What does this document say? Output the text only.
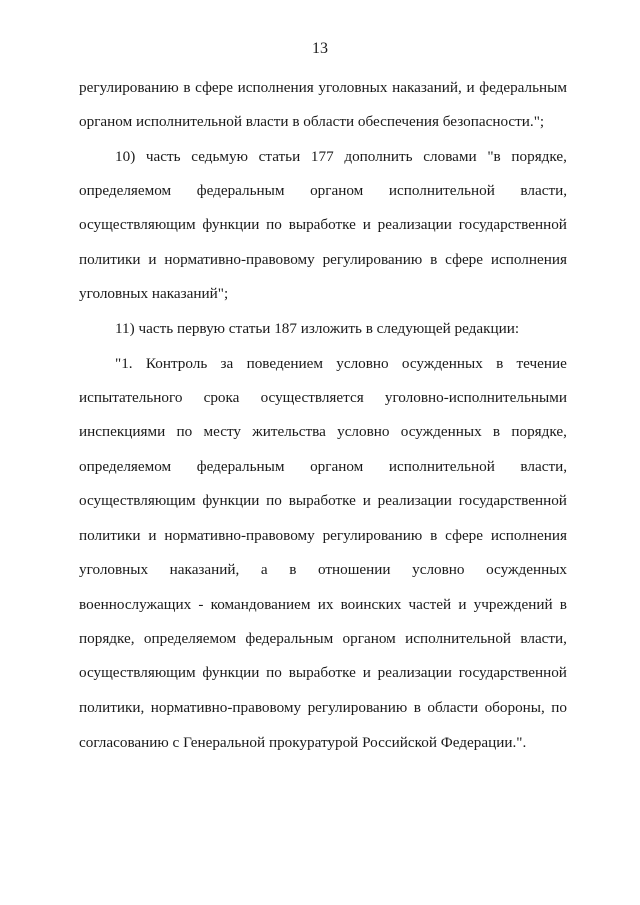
13
регулированию в сфере исполнения уголовных наказаний, и федеральным
органом исполнительной власти в области обеспечения безопасности.";
10) часть седьмую статьи 177 дополнить словами "в порядке,
определяемом федеральным органом исполнительной власти,
осуществляющим функции по выработке и реализации государственной
политики и нормативно-правовому регулированию в сфере исполнения
уголовных наказаний";
11) часть первую статьи 187 изложить в следующей редакции:
"1. Контроль за поведением условно осужденных в течение
испытательного срока осуществляется уголовно-исполнительными
инспекциями по месту жительства условно осужденных в порядке,
определяемом федеральным органом исполнительной власти,
осуществляющим функции по выработке и реализации государственной
политики и нормативно-правовому регулированию в сфере исполнения
уголовных наказаний, а в отношении условно осужденных
военнослужащих - командованием их воинских частей и учреждений в
порядке, определяемом федеральным органом исполнительной власти,
осуществляющим функции по выработке и реализации государственной
политики, нормативно-правовому регулированию в области обороны, по
согласованию с Генеральной прокуратурой Российской Федерации.".
